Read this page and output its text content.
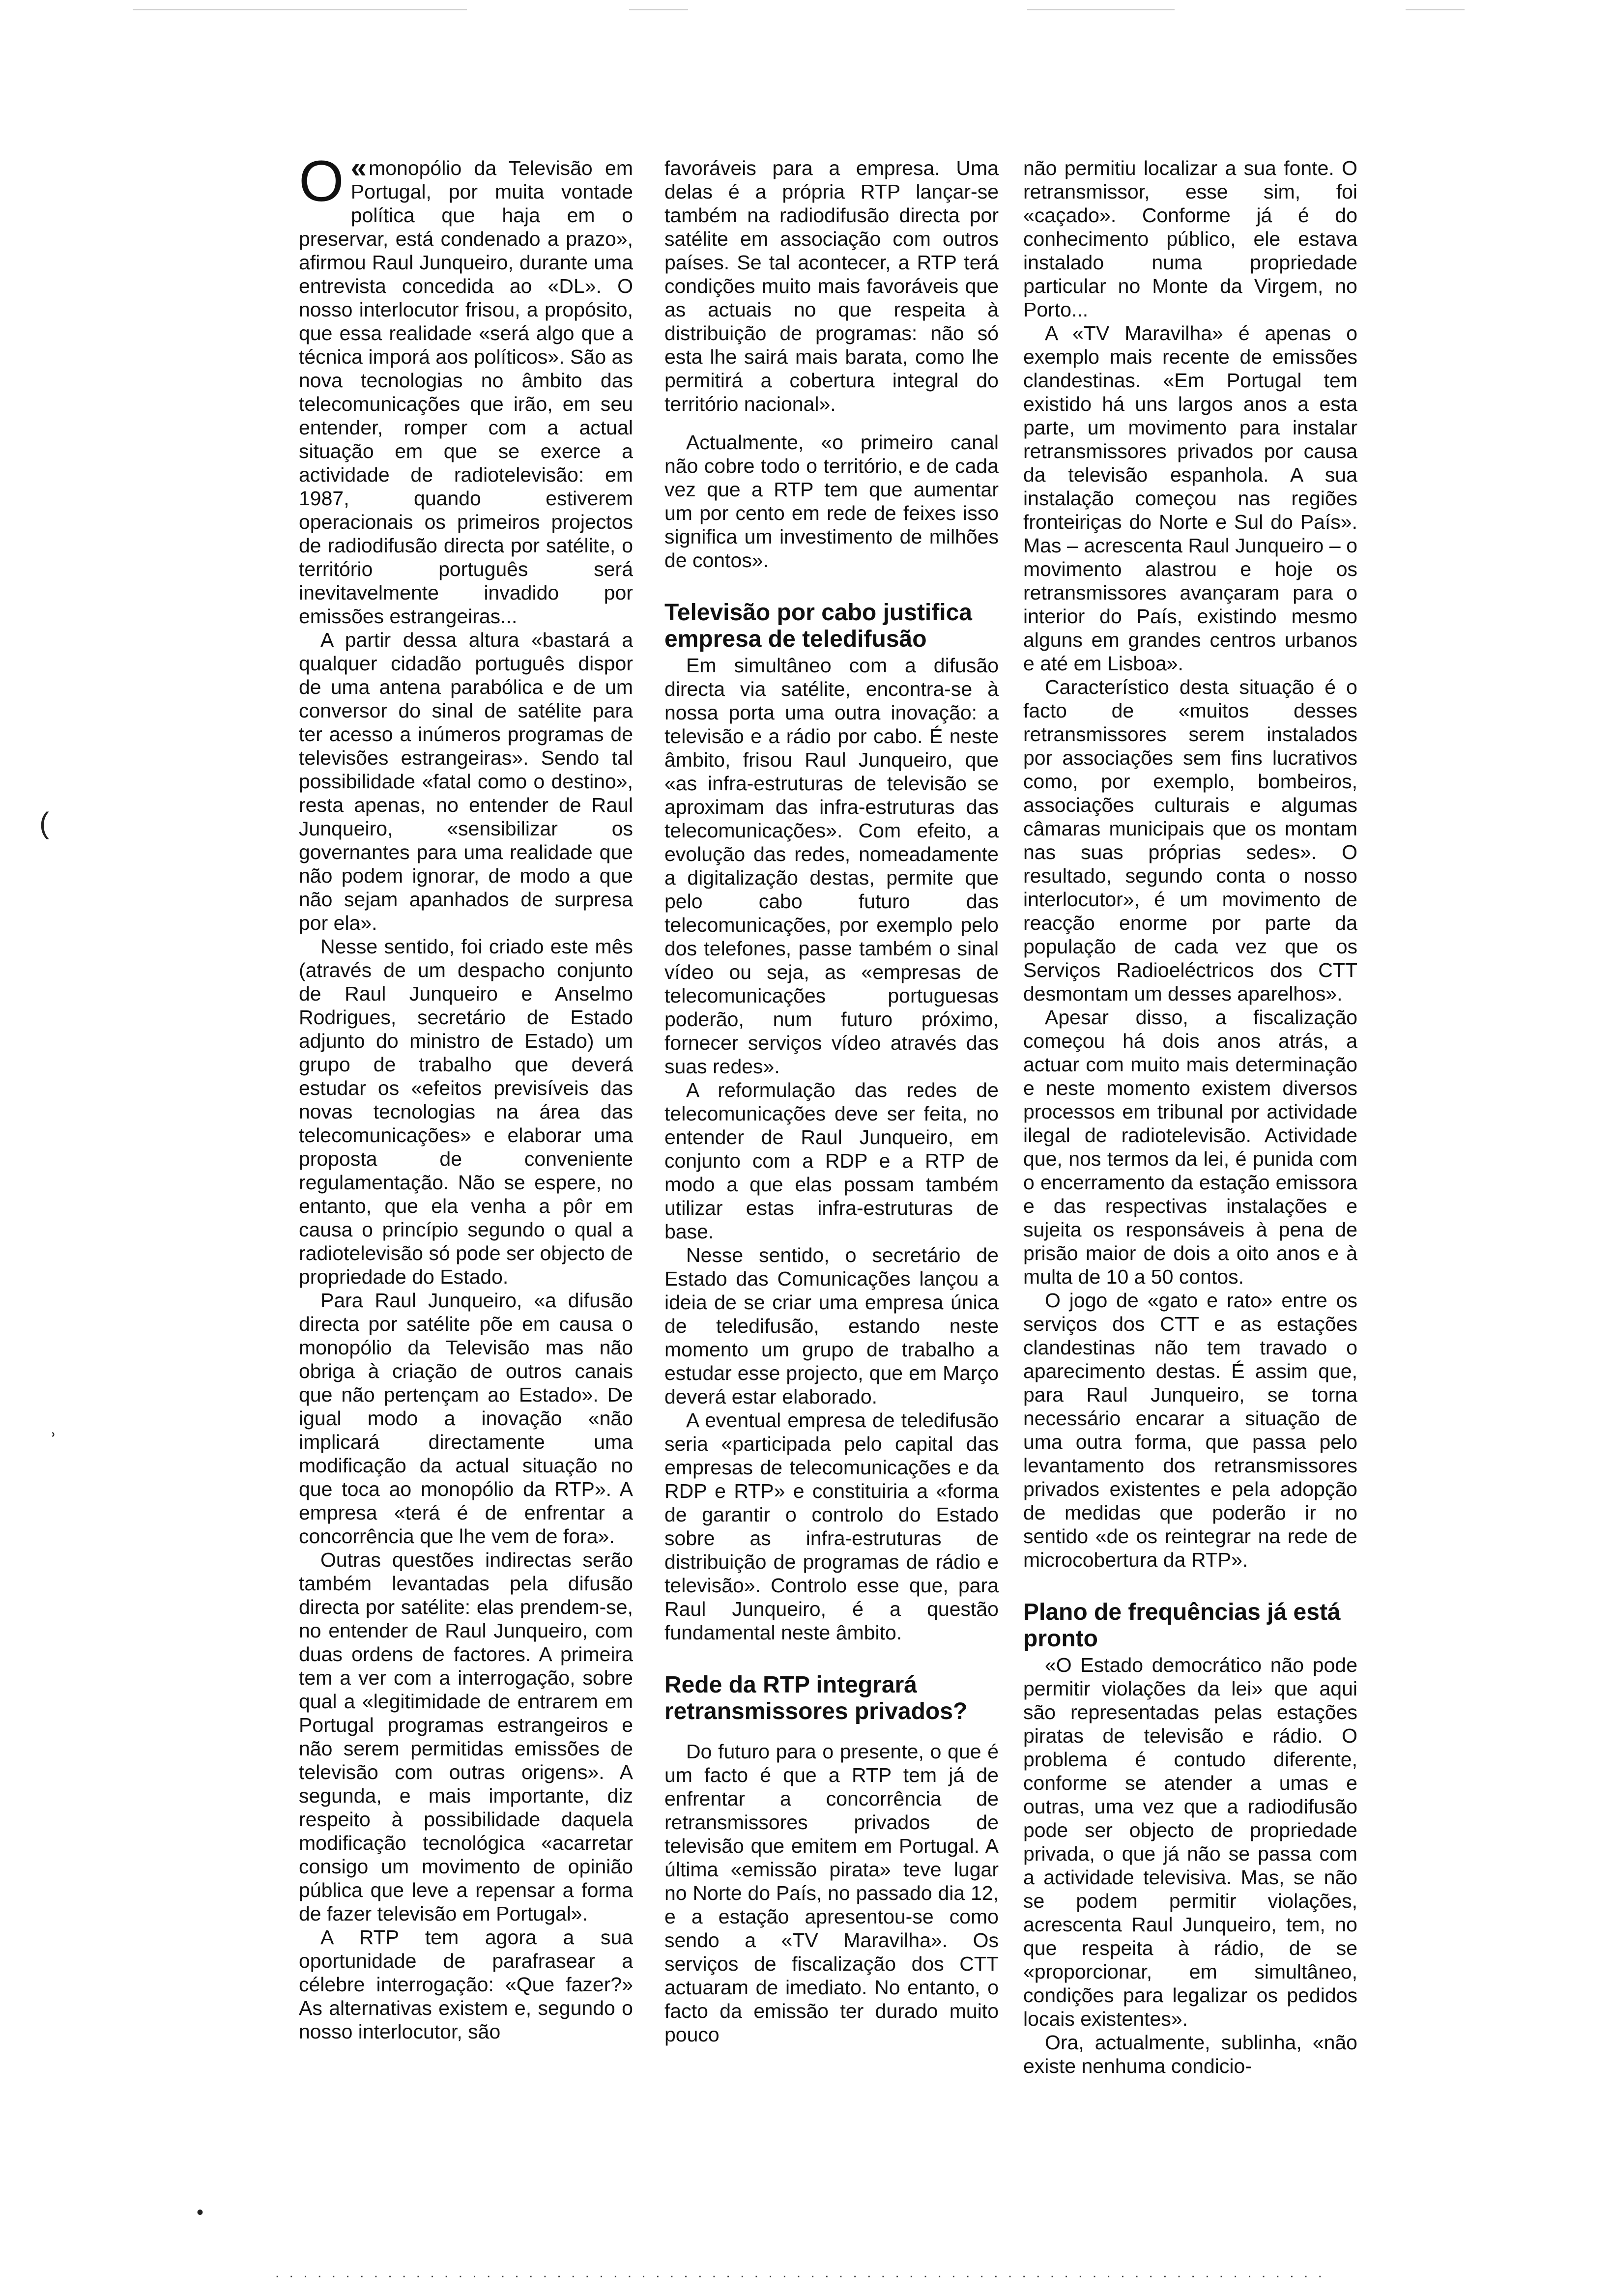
(
˒
•

«
O monopólio da Televisão em Portugal, por muita vontade política que haja em o preservar, está condenado a prazo», afirmou Raul Junqueiro, durante uma entrevista concedida ao «DL». O nosso interlocutor frisou, a propósito, que essa realidade «será algo que a técnica imporá aos políticos». São as nova tecnologias no âmbito das telecomunicações que irão, em seu entender, romper com a actual situação em que se exerce a actividade de radiotelevisão: em 1987, quando estiverem operacionais os primeiros projectos de radiodifusão directa por satélite, o território português será inevitavelmente invadido por emissões estrangeiras...

A partir dessa altura «bastará a qualquer cidadão português dispor de uma antena parabólica e de um conversor do sinal de satélite para ter acesso a inúmeros programas de televisões estrangeiras». Sendo tal possibilidade «fatal como o destino», resta apenas, no entender de Raul Junqueiro, «sensibilizar os governantes para uma realidade que não podem ignorar, de modo a que não sejam apanhados de surpresa por ela».

Nesse sentido, foi criado este mês (através de um despacho conjunto de Raul Junqueiro e Anselmo Rodrigues, secretário de Estado adjunto do ministro de Estado) um grupo de trabalho que deverá estudar os «efeitos previsíveis das novas tecnologias na área das telecomunicações» e elaborar uma proposta de conveniente regulamentação. Não se espere, no entanto, que ela venha a pôr em causa o princípio segundo o qual a radiotelevisão só pode ser objecto de propriedade do Estado.

Para Raul Junqueiro, «a difusão directa por satélite põe em causa o monopólio da Televisão mas não obriga à criação de outros canais que não pertençam ao Estado». De igual modo a inovação «não implicará directamente uma modificação da actual situação no que toca ao monopólio da RTP». A empresa «terá é de enfrentar a concorrência que lhe vem de fora».

Outras questões indirectas serão também levantadas pela difusão directa por satélite: elas prendem-se, no entender de Raul Junqueiro, com duas ordens de factores. A primeira tem a ver com a interrogação, sobre qual a «legitimidade de entrarem em Portugal programas estrangeiros e não serem permitidas emissões de televisão com outras origens». A segunda, e mais importante, diz respeito à possibilidade daquela modificação tecnológica «acarretar consigo um movimento de opinião pública que leve a repensar a forma de fazer televisão em Portugal».

A RTP tem agora a sua oportunidade de parafrasear a célebre interrogação: «Que fazer?» As alternativas existem e, segundo o nosso interlocutor, são

favoráveis para a empresa. Uma delas é a própria RTP lançar-se também na radiodifusão directa por satélite em associação com outros países. Se tal acontecer, a RTP terá condições muito mais favoráveis que as actuais no que respeita à distribuição de programas: não só esta lhe sairá mais barata, como lhe permitirá a cobertura integral do território nacional».

Actualmente, «o primeiro canal não cobre todo o território, e de cada vez que a RTP tem que aumentar um por cento em rede de feixes isso significa um investimento de milhões de contos».

Televisão por cabo justifica empresa de teledifusão

Em simultâneo com a difusão directa via satélite, encontra-se à nossa porta uma outra inovação: a televisão e a rádio por cabo. É neste âmbito, frisou Raul Junqueiro, que «as infra-estruturas de televisão se aproximam das infra-estruturas das telecomunicações». Com efeito, a evolução das redes, nomeadamente a digitalização destas, permite que pelo cabo futuro das telecomunicações, por exemplo pelo dos telefones, passe também o sinal vídeo ou seja, as «empresas de telecomunicações portuguesas poderão, num futuro próximo, fornecer serviços vídeo através das suas redes».

A reformulação das redes de telecomunicações deve ser feita, no entender de Raul Junqueiro, em conjunto com a RDP e a RTP de modo a que elas possam também utilizar estas infra-estruturas de base.

Nesse sentido, o secretário de Estado das Comunicações lançou a ideia de se criar uma empresa única de teledifusão, estando neste momento um grupo de trabalho a estudar esse projecto, que em Março deverá estar elaborado.

A eventual empresa de teledifusão seria «participada pelo capital das empresas de telecomunicações e da RDP e RTP» e constituiria a «forma de garantir o controlo do Estado sobre as infra-estruturas de distribuição de programas de rádio e televisão». Controlo esse que, para Raul Junqueiro, é a questão fundamental neste âmbito.

Rede da RTP integrará retransmissores privados?

Do futuro para o presente, o que é um facto é que a RTP tem já de enfrentar a concorrência de retransmissores privados de televisão que emitem em Portugal. A última «emissão pirata» teve lugar no Norte do País, no passado dia 12, e a estação apresentou-se como sendo a «TV Maravilha». Os serviços de fiscalização dos CTT actuaram de imediato. No entanto, o facto da emissão ter durado muito pouco

não permitiu localizar a sua fonte. O retransmissor, esse sim, foi «caçado». Conforme já é do conhecimento público, ele estava instalado numa propriedade particular no Monte da Virgem, no Porto...

A «TV Maravilha» é apenas o exemplo mais recente de emissões clandestinas. «Em Portugal tem existido há uns largos anos a esta parte, um movimento para instalar retransmissores privados por causa da televisão espanhola. A sua instalação começou nas regiões fronteiriças do Norte e Sul do País». Mas – acrescenta Raul Junqueiro – o movimento alastrou e hoje os retransmissores avançaram para o interior do País, existindo mesmo alguns em grandes centros urbanos e até em Lisboa».

Característico desta situação é o facto de «muitos desses retransmissores serem instalados por associações sem fins lucrativos como, por exemplo, bombeiros, associações culturais e algumas câmaras municipais que os montam nas suas próprias sedes». O resultado, segundo conta o nosso interlocutor», é um movimento de reacção enorme por parte da população de cada vez que os Serviços Radioeléctricos dos CTT desmontam um desses aparelhos».

Apesar disso, a fiscalização começou há dois anos atrás, a actuar com muito mais determinação e neste momento existem diversos processos em tribunal por actividade ilegal de radiotelevisão. Actividade que, nos termos da lei, é punida com o encerramento da estação emissora e das respectivas instalações e sujeita os responsáveis à pena de prisão maior de dois a oito anos e à multa de 10 a 50 contos.

O jogo de «gato e rato» entre os serviços dos CTT e as estações clandestinas não tem travado o aparecimento destas. É assim que, para Raul Junqueiro, se torna necessário encarar a situação de uma outra forma, que passa pelo levantamento dos retransmissores privados existentes e pela adopção de medidas que poderão ir no sentido «de os reintegrar na rede de microcobertura da RTP».

Plano de frequências já está pronto

«O Estado democrático não pode permitir violações da lei» que aqui são representadas pelas estações piratas de televisão e rádio. O problema é contudo diferente, conforme se atender a umas e outras, uma vez que a radiodifusão pode ser objecto de propriedade privada, o que já não se passa com a actividade televisiva. Mas, se não se podem permitir violações, acrescenta Raul Junqueiro, tem, no que respeita à rádio, de se «proporcionar, em simultâneo, condições para legalizar os pedidos locais existentes».

Ora, actualmente, sublinha, «não existe nenhuma condicio-

. . . . . . . . . . . . . . . . . . . . . . . . . . . . . . . . . . . . . . . . . . . . . . . . . . . . . . . . . . . . . . . . . . . . . . . . . . .
